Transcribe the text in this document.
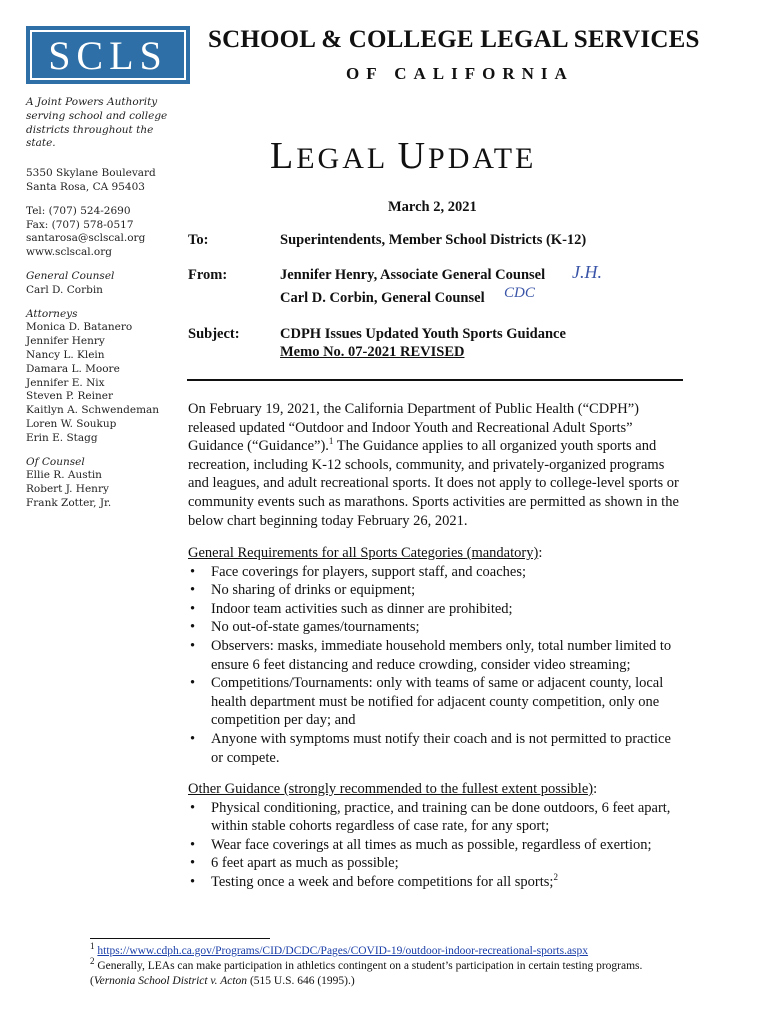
SCLS	SCHOOL & COLLEGE LEGAL SERVICES
OF CALIFORNIA
A Joint Powers Authority
serving school and college
districts throughout the
state.
5350 Skylane Boulevard
Santa Rosa, CA 95403
Tel: (707) 524-2690
Fax: (707) 578-0517
santarosa@sclscal.org
www.sclscal.org
General Counsel
Carl D. Corbin
Attorneys
Monica D. Batanero
Jennifer Henry
Nancy L. Klein
Damara L. Moore
Jennifer E. Nix
Steven P. Reiner
Kaitlyn A. Schwendeman
Loren W. Soukup
Erin E. Stagg
Of Counsel
Ellie R. Austin
Robert J. Henry
Frank Zotter, Jr.
LEGAL UPDATE
March 2, 2021
To:	Superintendents, Member School Districts (K-12)
From:	Jennifer Henry, Associate General Counsel
Carl D. Corbin, General Counsel
J.H.
CDC
Subject:	CDPH Issues Updated Youth Sports Guidance
Memo No. 07-2021 REVISED
On February 19, 2021, the California Department of Public Health (“CDPH”) released updated “Outdoor and Indoor Youth and Recreational Adult Sports” Guidance (“Guidance”).$^1$ The Guidance applies to all organized youth sports and recreation, including K-12 schools, community, and privately-organized programs and leagues, and adult recreational sports. It does not apply to college-level sports or community events such as marathons. Sports activities are permitted as shown in the below chart beginning today February 26, 2021.
General Requirements for all Sports Categories (mandatory):
• Face coverings for players, support staff, and coaches;
• No sharing of drinks or equipment;
• Indoor team activities such as dinner are prohibited;
• No out-of-state games/tournaments;
• Observers: masks, immediate household members only, total number limited to ensure 6 feet distancing and reduce crowding, consider video streaming;
• Competitions/Tournaments: only with teams of same or adjacent county, local health department must be notified for adjacent county competition, only one competition per day; and
• Anyone with symptoms must notify their coach and is not permitted to practice or compete.
Other Guidance (strongly recommended to the fullest extent possible):
• Physical conditioning, practice, and training can be done outdoors, 6 feet apart, within stable cohorts regardless of case rate, for any sport;
• Wear face coverings at all times as much as possible, regardless of exertion;
• 6 feet apart as much as possible;
• Testing once a week and before competitions for all sports;$^2$
$^1$ https://www.cdph.ca.gov/Programs/CID/DCDC/Pages/COVID-19/outdoor-indoor-recreational-sports.aspx
$^2$ Generally, LEAs can make participation in athletics contingent on a student’s participation in certain testing programs. (Vernonia School District v. Acton (515 U.S. 646 (1995).)
